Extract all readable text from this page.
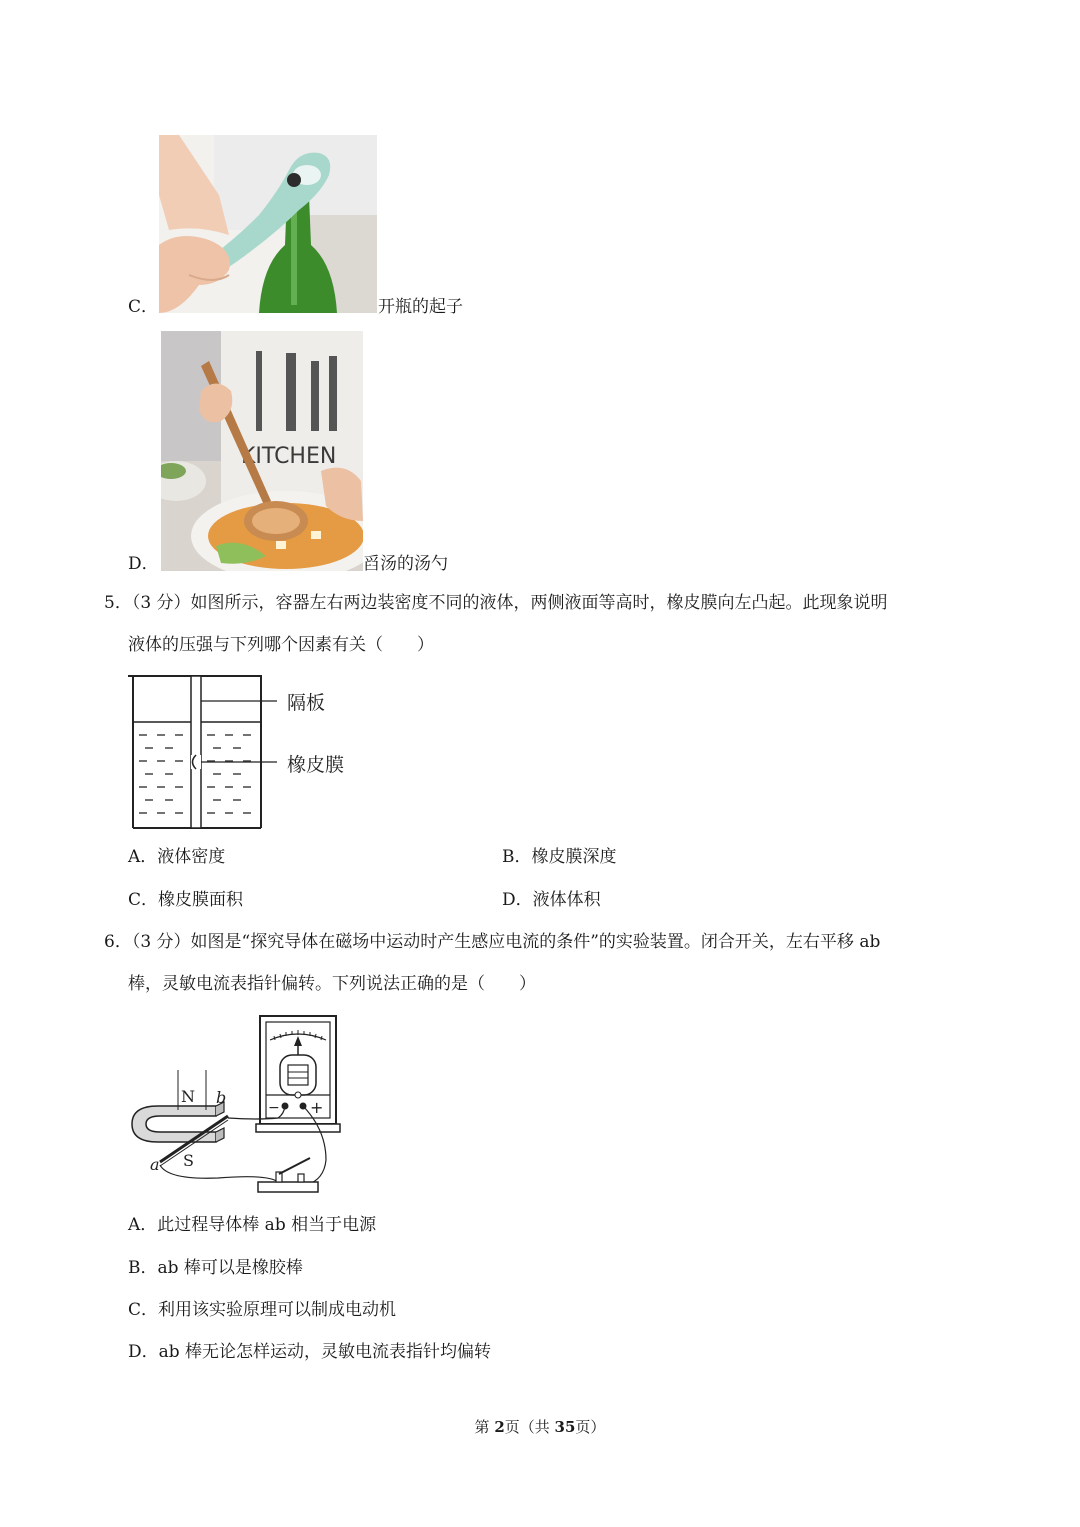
C．	开瓶的起子
D．
KITCHEN
舀汤的汤勺
5．（3 分）如图所示，容器左右两边装密度不同的液体，两侧液面等高时，橡皮膜向左凸起。此现象说明
液体的压强与下列哪个因素有关（　　）
隔板
橡皮膜
A．液体密度	B．橡皮膜深度
C．橡皮膜面积	D．液体体积
6．（3 分）如图是“探究导体在磁场中运动时产生感应电流的条件”的实验装置。闭合开关，左右平移 ab
棒，灵敏电流表指针偏转。下列说法正确的是（　　）
− +
N
S
a
b
A．此过程导体棒 ab 相当于电源
B．ab 棒可以是橡胶棒
C．利用该实验原理可以制成电动机
D．ab 棒无论怎样运动，灵敏电流表指针均偏转
第 2页（共 35页）
